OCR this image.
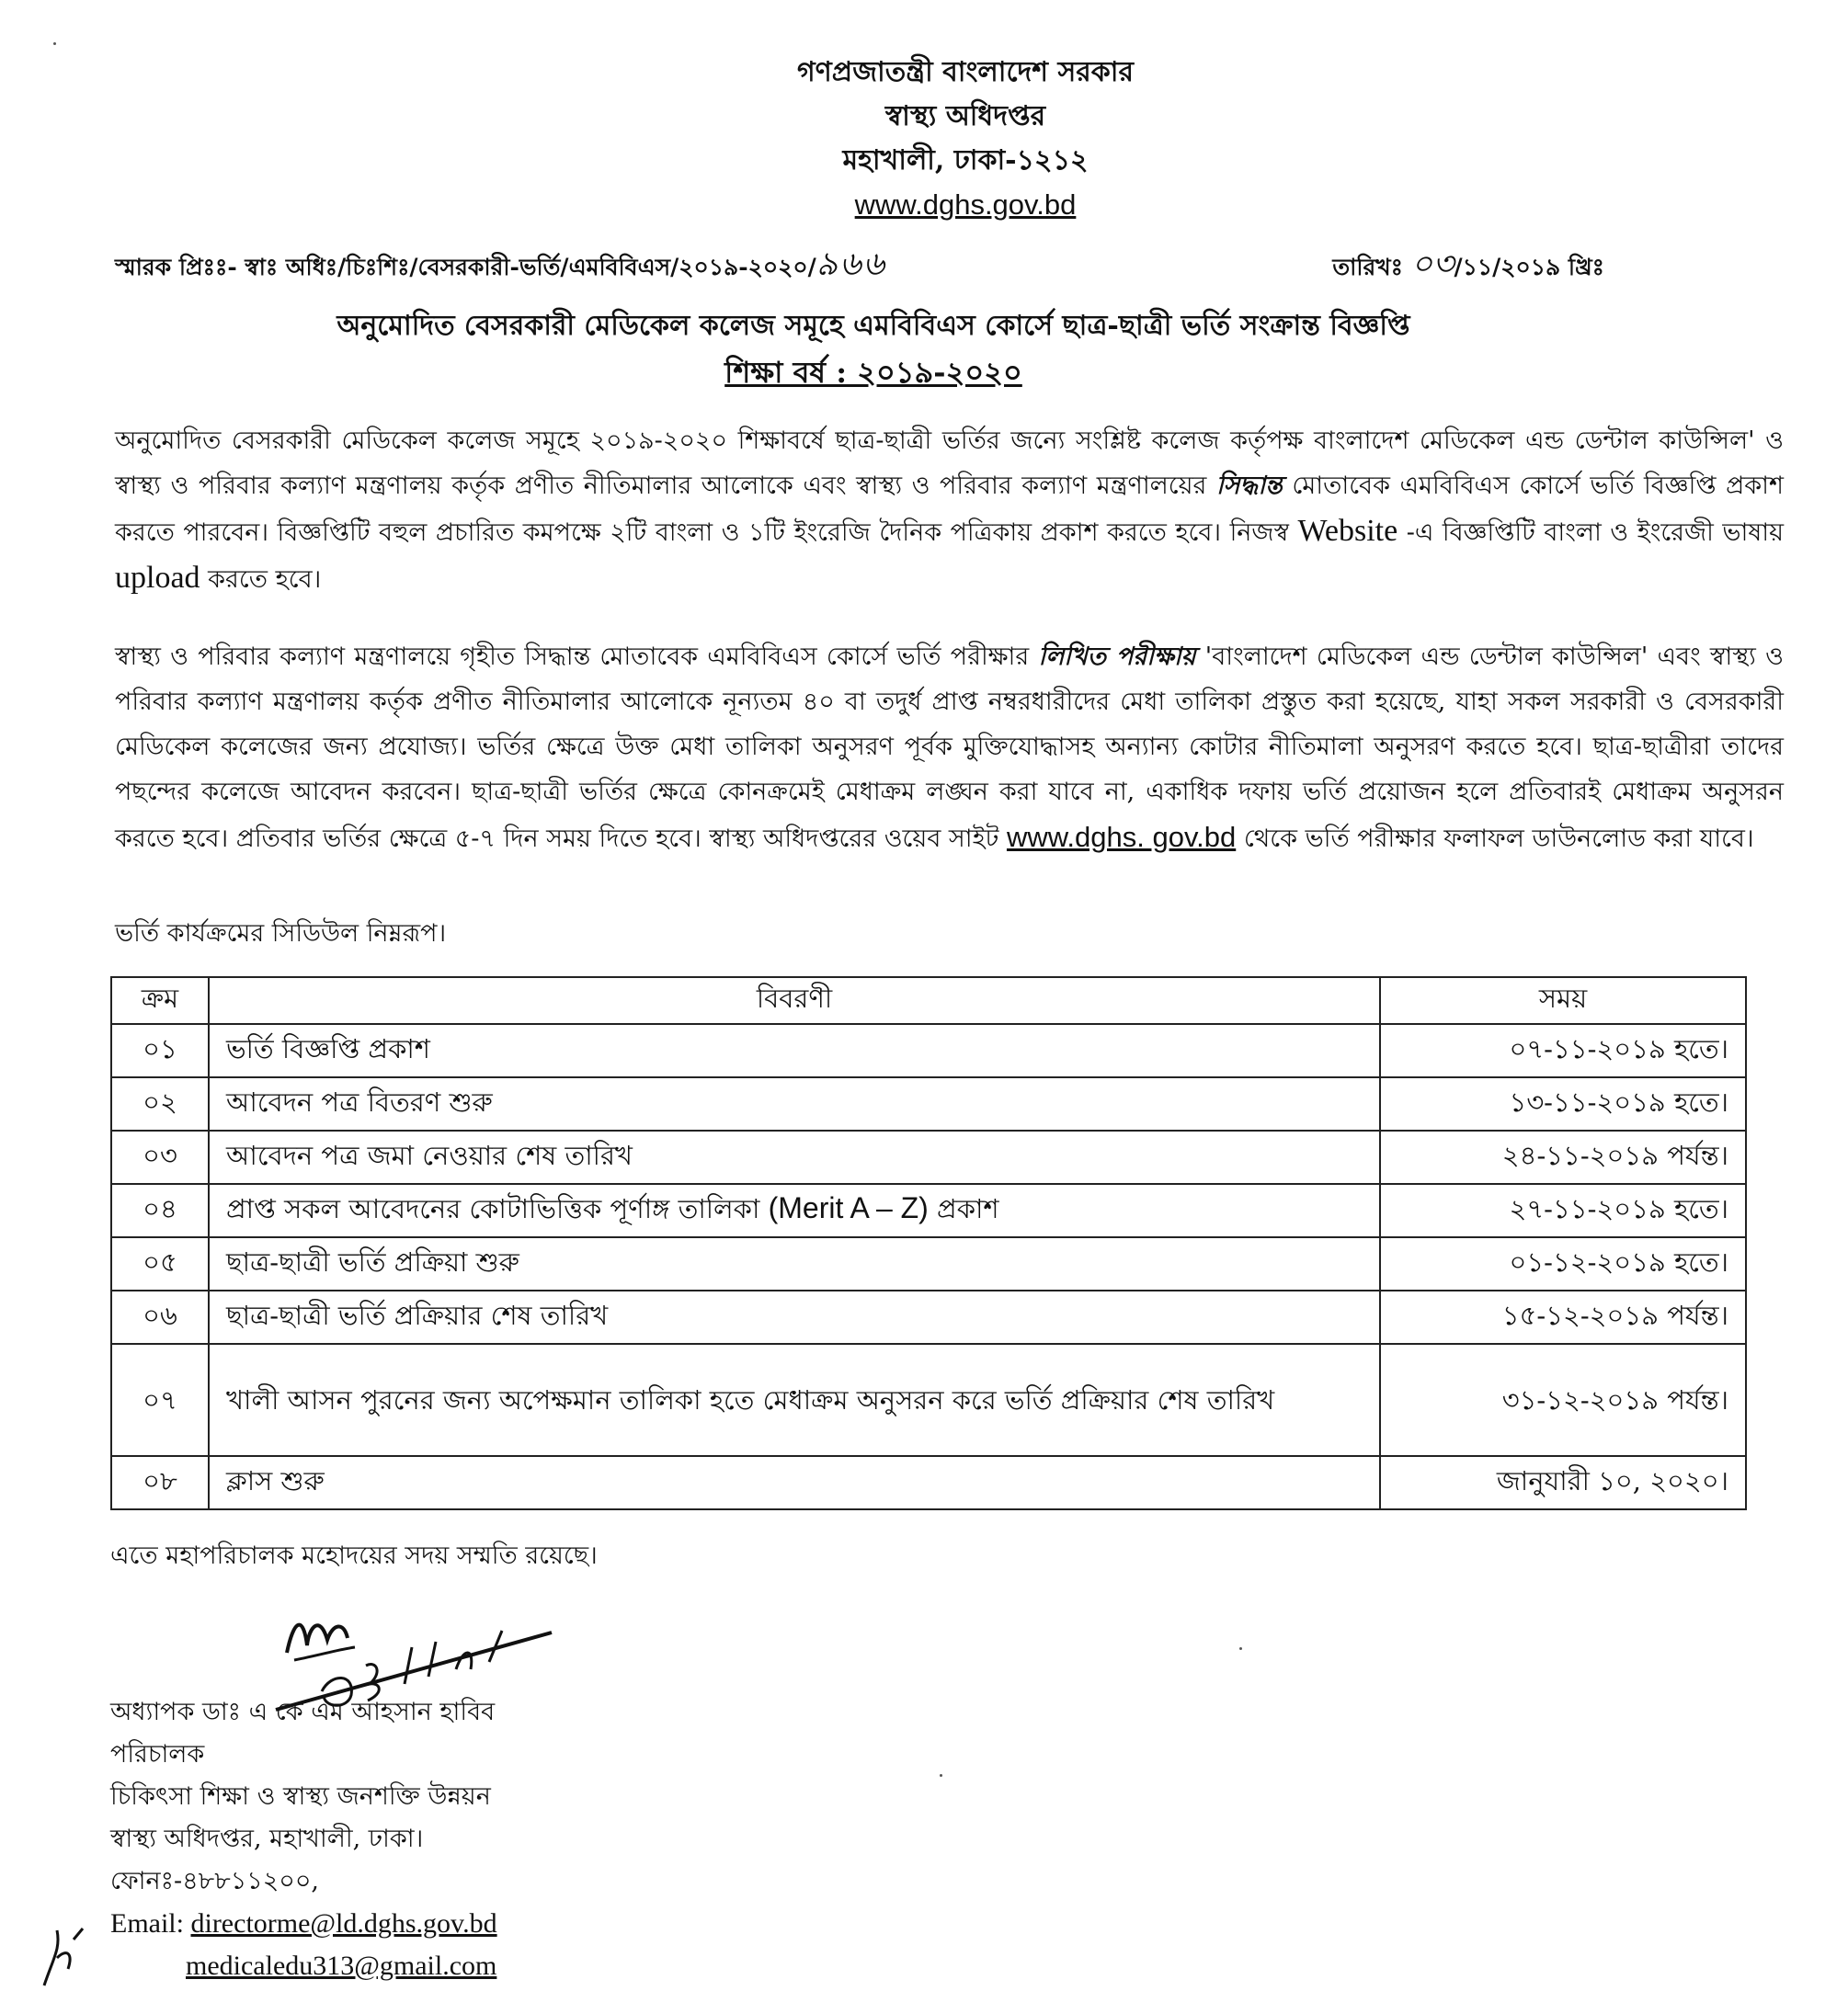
গণপ্রজাতন্ত্রী বাংলাদেশ সরকার
স্বাস্থ্য অধিদপ্তর
মহাখালী, ঢাকা-১২১২
www.dghs.gov.bd
স্মারক প্রিঃঃ- স্বাঃ অধিঃ/চিঃশিঃ/বেসরকারী-ভর্তি/এমবিবিএস/২০১৯-২০২০/৯৬৬	তারিখঃ ০৩/১১/২০১৯ খ্রিঃ
অনুমোদিত বেসরকারী মেডিকেল কলেজ সমূহে এমবিবিএস কোর্সে ছাত্র-ছাত্রী ভর্তি সংক্রান্ত বিজ্ঞপ্তি
শিক্ষা বর্ষ : ২০১৯-২০২০
অনুমোদিত বেসরকারী মেডিকেল কলেজ সমূহে ২০১৯-২০২০ শিক্ষাবর্ষে ছাত্র-ছাত্রী ভর্তির জন্যে সংশ্লিষ্ট কলেজ কর্তৃপক্ষ বাংলাদেশ মেডিকেল এন্ড ডেন্টাল কাউন্সিল' ও স্বাস্থ্য ও পরিবার কল্যাণ মন্ত্রণালয় কর্তৃক প্রণীত নীতিমালার আলোকে এবং স্বাস্থ্য ও পরিবার কল্যাণ মন্ত্রণালয়ের সিদ্ধান্ত মোতাবেক এমবিবিএস কোর্সে ভর্তি বিজ্ঞপ্তি প্রকাশ করতে পারবেন। বিজ্ঞপ্তিটি বহুল প্রচারিত কমপক্ষে ২টি বাংলা ও ১টি ইংরেজি দৈনিক পত্রিকায় প্রকাশ করতে হবে। নিজস্ব Website -এ বিজ্ঞপ্তিটি বাংলা ও ইংরেজী ভাষায় upload করতে হবে।
স্বাস্থ্য ও পরিবার কল্যাণ মন্ত্রণালয়ে গৃহীত সিদ্ধান্ত মোতাবেক এমবিবিএস কোর্সে ভর্তি পরীক্ষার লিখিত পরীক্ষায় 'বাংলাদেশ মেডিকেল এন্ড ডেন্টাল কাউন্সিল' এবং স্বাস্থ্য ও পরিবার কল্যাণ মন্ত্রণালয় কর্তৃক প্রণীত নীতিমালার আলোকে নূন্যতম ৪০ বা তদুর্ধ প্রাপ্ত নম্বরধারীদের মেধা তালিকা প্রস্তুত করা হয়েছে, যাহা সকল সরকারী ও বেসরকারী মেডিকেল কলেজের জন্য প্রযোজ্য। ভর্তির ক্ষেত্রে উক্ত মেধা তালিকা অনুসরণ পূর্বক মুক্তিযোদ্ধাসহ অন্যান্য কোটার নীতিমালা অনুসরণ করতে হবে। ছাত্র-ছাত্রীরা তাদের পছন্দের কলেজে আবেদন করবেন। ছাত্র-ছাত্রী ভর্তির ক্ষেত্রে কোনক্রমেই মেধাক্রম লঙ্ঘন করা যাবে না, একাধিক দফায় ভর্তি প্রয়োজন হলে প্রতিবারই মেধাক্রম অনুসরন করতে হবে। প্রতিবার ভর্তির ক্ষেত্রে ৫-৭ দিন সময় দিতে হবে। স্বাস্থ্য অধিদপ্তরের ওয়েব সাইট www.dghs. gov.bd থেকে ভর্তি পরীক্ষার ফলাফল ডাউনলোড করা যাবে।
ভর্তি কার্যক্রমের সিডিউল নিম্নরূপ।
ক্রম	বিবরণী	সময়
০১	ভর্তি বিজ্ঞপ্তি প্রকাশ	০৭-১১-২০১৯ হতে।
০২	আবেদন পত্র বিতরণ শুরু	১৩-১১-২০১৯ হতে।
০৩	আবেদন পত্র জমা নেওয়ার শেষ তারিখ	২৪-১১-২০১৯ পর্যন্ত।
০৪	প্রাপ্ত সকল আবেদনের কোটাভিত্তিক পূর্ণাঙ্গ তালিকা (Merit A – Z) প্রকাশ	২৭-১১-২০১৯ হতে।
০৫	ছাত্র-ছাত্রী ভর্তি প্রক্রিয়া শুরু	০১-১২-২০১৯ হতে।
০৬	ছাত্র-ছাত্রী ভর্তি প্রক্রিয়ার শেষ তারিখ	১৫-১২-২০১৯ পর্যন্ত।
০৭	খালী আসন পুরনের জন্য অপেক্ষমান তালিকা হতে মেধাক্রম অনুসরন করে ভর্তি প্রক্রিয়ার শেষ তারিখ	৩১-১২-২০১৯ পর্যন্ত।
০৮	ক্লাস শুরু	জানুযারী ১০, ২০২০।
এতে মহাপরিচালক মহোদয়ের সদয় সম্মতি রয়েছে।
অধ্যাপক ডাঃ এ কে এম আহসান হাবিব
পরিচালক
চিকিৎসা শিক্ষা ও স্বাস্থ্য জনশক্তি উন্নয়ন
স্বাস্থ্য অধিদপ্তর, মহাখালী, ঢাকা।
ফোনঃ-৪৮৮১১২০০,
Email: directorme@ld.dghs.gov.bd
medicaledu313@gmail.com
